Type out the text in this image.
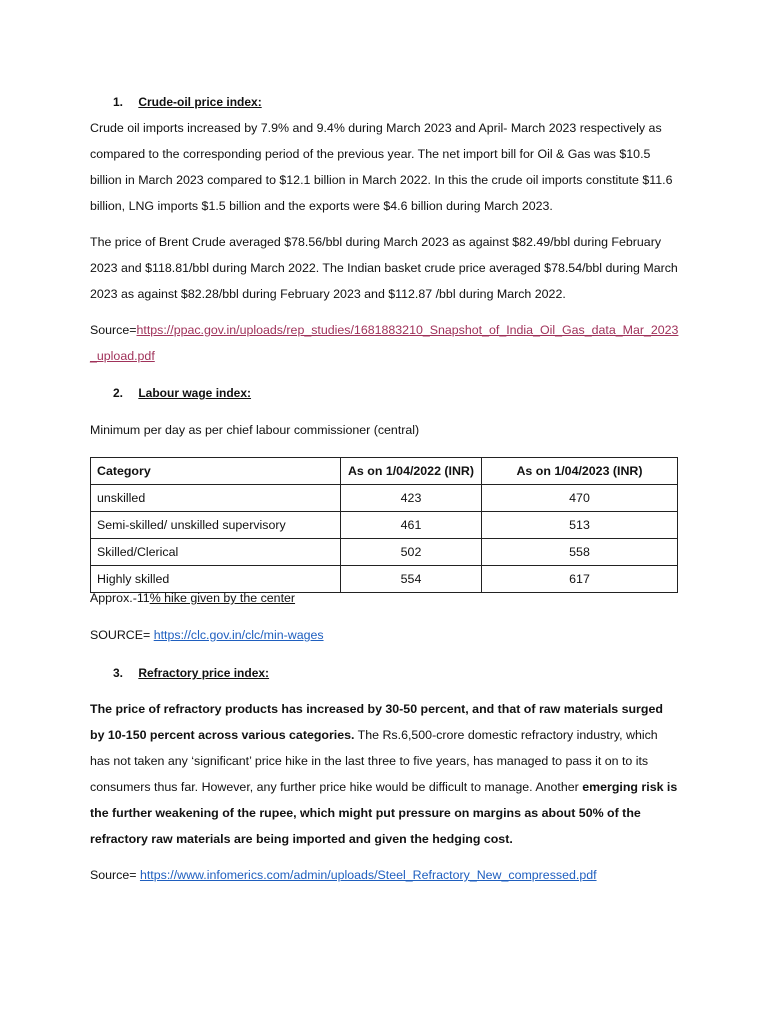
1. Crude-oil price index:

Crude oil imports increased by 7.9% and 9.4% during March 2023 and April- March 2023 respectively as compared to the corresponding period of the previous year. The net import bill for Oil & Gas was $10.5 billion in March 2023 compared to $12.1 billion in March 2022. In this the crude oil imports constitute $11.6 billion, LNG imports $1.5 billion and the exports were $4.6 billion during March 2023.

The price of Brent Crude averaged $78.56/bbl during March 2023 as against $82.49/bbl during February 2023 and $118.81/bbl during March 2022. The Indian basket crude price averaged $78.54/bbl during March 2023 as against $82.28/bbl during February 2023 and $112.87 /bbl during March 2022.

Source=https://ppac.gov.in/uploads/rep_studies/1681883210_Snapshot_of_India_Oil_Gas_data_Mar_2023_upload.pdf

2. Labour wage index:

Minimum per day as per chief labour commissioner (central)

Category	As on 1/04/2022 (INR)	As on 1/04/2023 (INR)
unskilled	423	470
Semi-skilled/ unskilled supervisory	461	513
Skilled/Clerical	502	558
Highly skilled	554	617
Approx.-11% hike given by the center

SOURCE= https://clc.gov.in/clc/min-wages

3. Refractory price index:

The price of refractory products has increased by 30-50 percent, and that of raw materials surged by 10-150 percent across various categories. The Rs.6,500-crore domestic refractory industry, which has not taken any ‘significant’ price hike in the last three to five years, has managed to pass it on to its consumers thus far. However, any further price hike would be difficult to manage. Another emerging risk is the further weakening of the rupee, which might put pressure on margins as about 50% of the refractory raw materials are being imported and given the hedging cost.

Source= https://www.infomerics.com/admin/uploads/Steel_Refractory_New_compressed.pdf
